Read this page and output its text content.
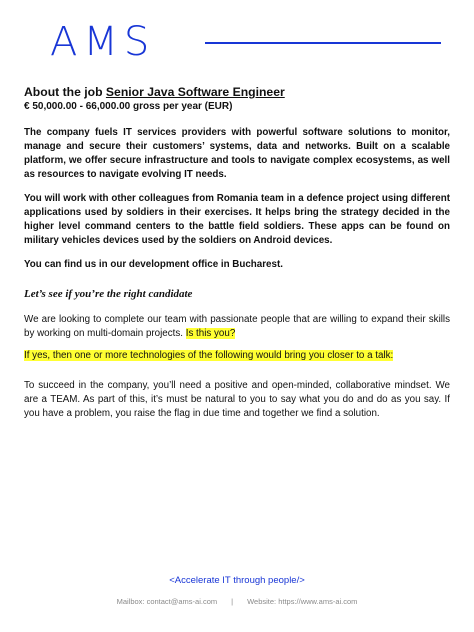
AMS
About the job Senior Java Software Engineer
€ 50,000.00 - 66,000.00 gross per year (EUR)

The company fuels IT services providers with powerful software solutions to monitor, manage and secure their customers’ systems, data and networks. Built on a scalable platform, we offer secure infrastructure and tools to navigate complex ecosystems, as well as resources to navigate evolving IT needs.

You will work with other colleagues from Romania team in a defence project using different applications used by soldiers in their exercises. It helps bring the strategy decided in the higher level command centers to the battle field soldiers. These apps can be found on military vehicles devices used by the soldiers on Android devices.

You can find us in our development office in Bucharest.

Let’s see if you’re the right candidate

We are looking to complete our team with passionate people that are willing to expand their skills by working on multi-domain projects. Is this you?

If yes, then one or more technologies of the following would bring you closer to a talk:

To succeed in the company, you’ll need a positive and open-minded, collaborative mindset. We are a TEAM. As part of this, it’s must be natural to you to say what you do and do as you say. If you have a problem, you raise the flag in due time and together we find a solution.

<Accelerate IT through people/>
Mailbox: contact@ams-ai.com | Website: https://www.ams-ai.com
